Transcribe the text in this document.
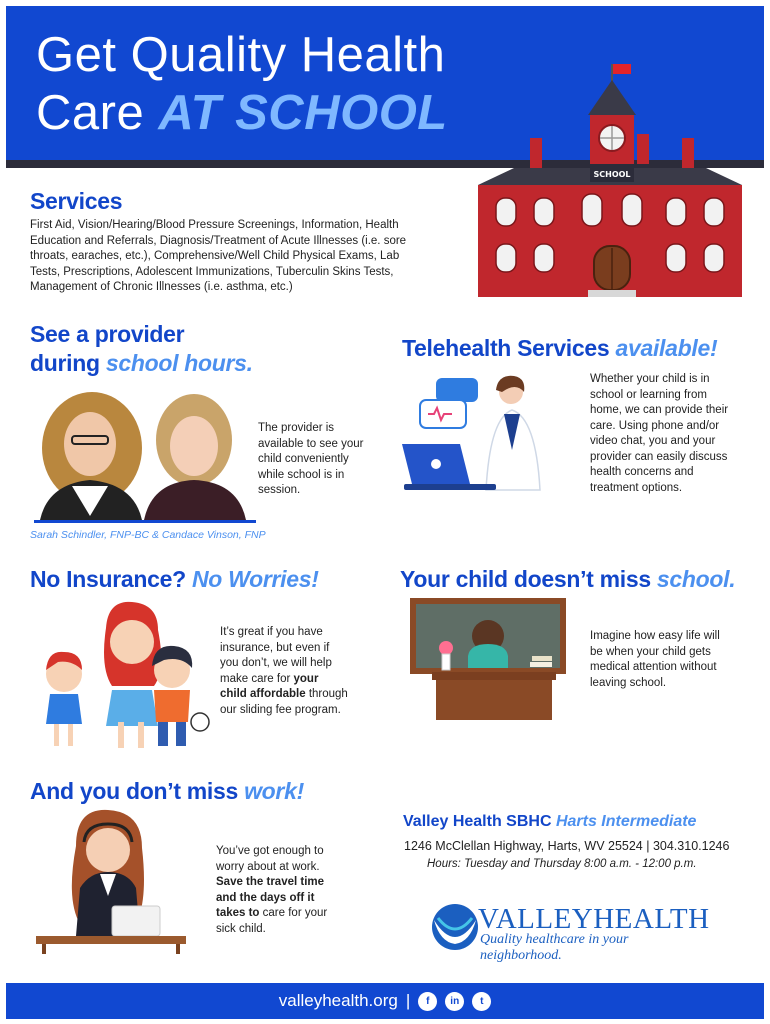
Get Quality Health
Care AT SCHOOL
SCHOOL
Services

First Aid, Vision/Hearing/Blood Pressure Screenings, Information, Health Education and Referrals, Diagnosis/Treatment of Acute Illnesses (i.e. sore throats, earaches, etc.), Comprehensive/Well Child Physical Exams, Lab Tests, Prescriptions, Adolescent Immunizations, Tuberculin Skins Tests, Management of Chronic Illnesses (i.e. asthma, etc.)

See a provider
during school hours.

The provider is available to see your child conveniently while school is in session.

Sarah Schindler, FNP-BC & Candace Vinson, FNP

Telehealth Services available!

Whether your child is in school or learning from home, we can provide their care. Using phone and/or video chat, you and your provider can easily discuss health concerns and treatment options.

No Insurance? No Worries!

It’s great if you have insurance, but even if you don’t, we will help make care for your child affordable through our sliding fee program.

Your child doesn’t miss school.

Imagine how easy life will be when your child gets medical attention without leaving school.

And you don’t miss work!

You’ve got enough to worry about at work. Save the travel time and the days off it takes to care for your sick child.

Valley Health SBHC Harts Intermediate
1246 McClellan Highway, Harts, WV 25524 | 304.310.1246
Hours: Tuesday and Thursday 8:00 a.m. - 12:00 p.m.
VALLEYHEALTH
Quality healthcare in your neighborhood.
valleyhealth.org |	f	in	t
